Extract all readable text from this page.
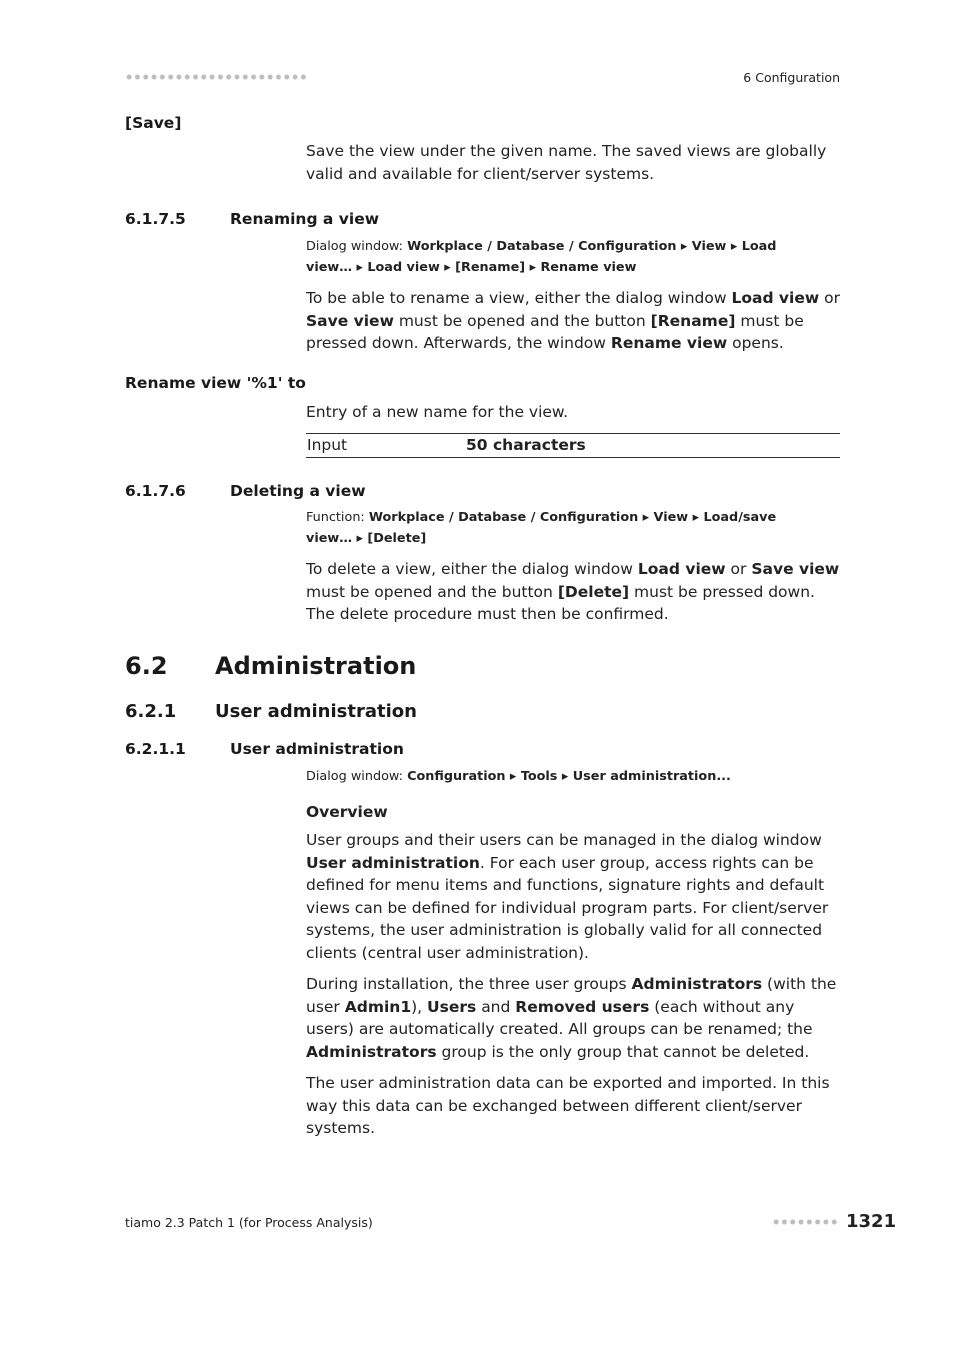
6 Configuration
[Save]
Save the view under the given name. The saved views are globally valid and available for client/server systems.
6.1.7.5	Renaming a view
Dialog window: Workplace / Database / Configuration ▸ View ▸ Load
view… ▸ Load view ▸ [Rename] ▸ Rename view

To be able to rename a view, either the dialog window Load view or Save view must be opened and the button [Rename] must be pressed down. Afterwards, the window Rename view opens.

Rename view '%1' to
Entry of a new name for the view.
Input	50 characters
6.1.7.6	Deleting a view
Function: Workplace / Database / Configuration ▸ View ▸ Load/save
view… ▸ [Delete]

To delete a view, either the dialog window Load view or Save view must be opened and the button [Delete] must be pressed down. The delete procedure must then be confirmed.

6.2 Administration
6.2.1 User administration
6.2.1.1	User administration
Dialog window: Configuration ▸ Tools ▸ User administration...
Overview

User groups and their users can be managed in the dialog window User administration. For each user group, access rights can be defined for menu items and functions, signature rights and default views can be defined for individual program parts. For client/server systems, the user administration is globally valid for all connected clients (central user administration).

During installation, the three user groups Administrators (with the user Admin1), Users and Removed users (each without any users) are automatically created. All groups can be renamed; the Administrators group is the only group that cannot be deleted.

The user administration data can be exported and imported. In this way this data can be exchanged between different client/server systems.

tiamo 2.3 Patch 1 (for Process Analysis)	1321
